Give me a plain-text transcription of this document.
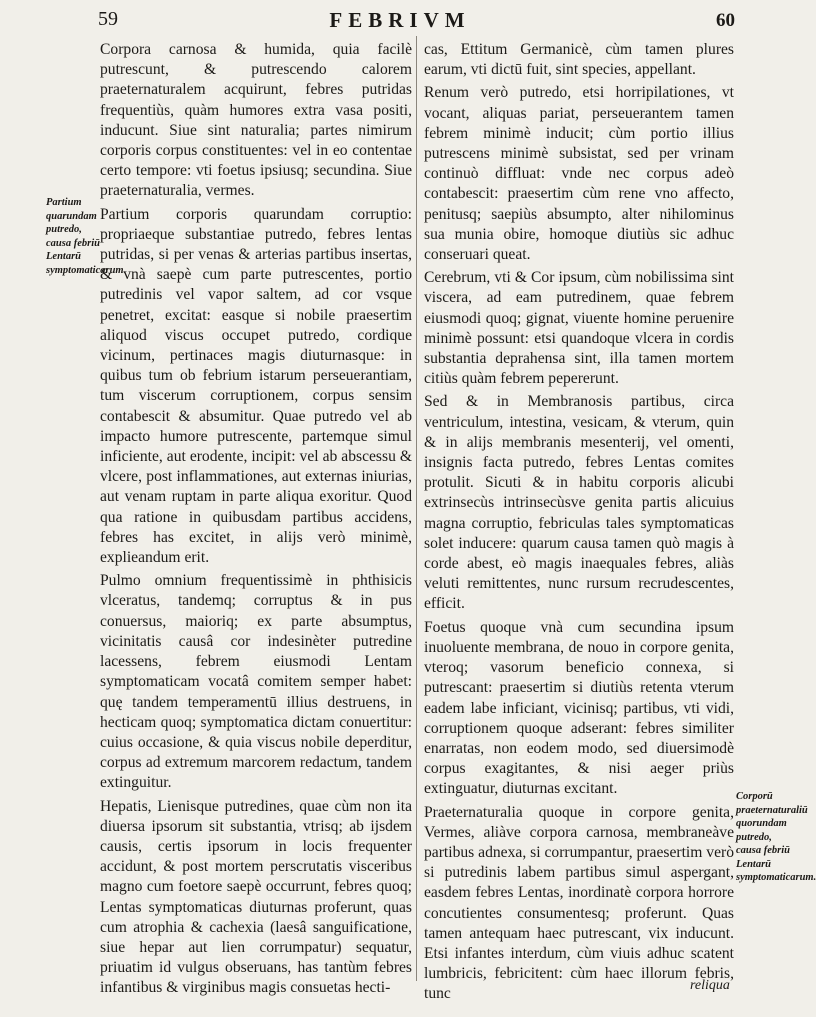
59	FEBRIVM	60
Partium quarundam putredo, causa febriū Lentarū symptomaticarum.

Corpora carnosa & humida, quia facilè putrescunt, & putrescendo calorem praeternaturalem acquirunt, febres putridas frequentiùs, quàm humores extra vasa positi, inducunt. Siue sint naturalia; partes nimirum corporis corpus constituentes: vel in eo contentae certo tempore: vti foetus ipsiusq; secundina. Siue praeternaturalia, vermes.

Partium corporis quarundam corruptio: propriaeque substantiae putredo, febres lentas putridas, si per venas & arterias partibus insertas, & vnà saepè cum parte putrescentes, portio putredinis vel vapor saltem, ad cor vsque penetret, excitat: easque si nobile praesertim aliquod viscus occupet putredo, cordique vicinum, pertinaces magis diuturnasque: in quibus tum ob febrium istarum perseuerantiam, tum viscerum corruptionem, corpus sensim contabescit & absumitur. Quae putredo vel ab impacto humore putrescente, partemque simul inficiente, aut erodente, incipit: vel ab abscessu & vlcere, post inflammationes, aut externas iniurias, aut venam ruptam in parte aliqua exoritur. Quod qua ratione in quibusdam partibus accidens, febres has excitet, in alijs verò minimè, explieandum erit.

Pulmo omnium frequentissimè in phthisicis vlceratus, tandemq; corruptus & in pus conuersus, maioriq; ex parte absumptus, vicinitatis causâ cor indesinèter putredine lacessens, febrem eiusmodi Lentam symptomaticam vocatâ comitem semper habet: quę tandem temperamentū illius destruens, in hecticam quoq; symptomatica dictam conuertitur: cuius occasione, & quia viscus nobile deperditur, corpus ad extremum marcorem redactum, tandem extinguitur.

Hepatis, Lienisque putredines, quae cùm non ita diuersa ipsorum sit substantia, vtrisq; ab ijsdem causis, certis ipsorum in locis frequenter accidunt, & post mortem perscrutatis visceribus magno cum foetore saepè occurrunt, febres quoq; Lentas symptomaticas diuturnas proferunt, quas cum atrophia & cachexia (laesâ sanguificatione, siue hepar aut lien corrumpatur) sequatur, priuatim id vulgus obseruans, has tantùm febres infantibus & virginibus magis consuetas hecti-

cas, Ettitum Germanicè, cùm tamen plures earum, vti dictū fuit, sint species, appellant.

Renum verò putredo, etsi horripilationes, vt vocant, aliquas pariat, perseuerantem tamen febrem minimè inducit; cùm portio illius putrescens minimè subsistat, sed per vrinam continuò diffluat: vnde nec corpus adeò contabescit: praesertim cùm rene vno affecto, penitusq; saepiùs absumpto, alter nihilominus sua munia obire, homoque diutiùs sic adhuc conseruari queat.

Cerebrum, vti & Cor ipsum, cùm nobilissima sint viscera, ad eam putredinem, quae febrem eiusmodi quoq; gignat, viuente homine peruenire minimè possunt: etsi quandoque vlcera in cordis substantia deprahensa sint, illa tamen mortem citiùs quàm febrem pepererunt.

Sed & in Membranosis partibus, circa ventriculum, intestina, vesicam, & vterum, quin & in alijs membranis mesenterij, vel omenti, insignis facta putredo, febres Lentas comites protulit. Sicuti & in habitu corporis alicubi extrinsecùs intrinsecùsve genita partis alicuius magna corruptio, febriculas tales symptomaticas solet inducere: quarum causa tamen quò magis à corde abest, eò magis inaequales febres, aliàs veluti remittentes, nunc rursum recrudescentes, efficit.

Foetus quoque vnà cum secundina ipsum inuoluente membrana, de nouo in corpore genita, vteroq; vasorum beneficio connexa, si putrescant: praesertim si diutiùs retenta vterum eadem labe inficiant, vicinisq; partibus, vti vidi, corruptionem quoque adserant: febres similiter enarratas, non eodem modo, sed diuersimodè corpus exagitantes, & nisi aeger priùs extinguatur, diuturnas excitant.

Praeternaturalia quoque in corpore genita, Vermes, aliàve corpora carnosa, membraneàve partibus adnexa, si corrumpantur, praesertim verò si putredinis labem partibus simul aspergant, easdem febres Lentas, inordinatè corpora horrore concutientes consumentesq; proferunt. Quas tamen antequam haec putrescant, vix inducunt. Etsi infantes interdum, cùm viuis adhuc scatent lumbricis, febricitent: cùm haec illorum febris, tunc

Corporū praeternaturaliū quorundam putredo, causa febriū Lentarū symptomaticarum.
reliqua
